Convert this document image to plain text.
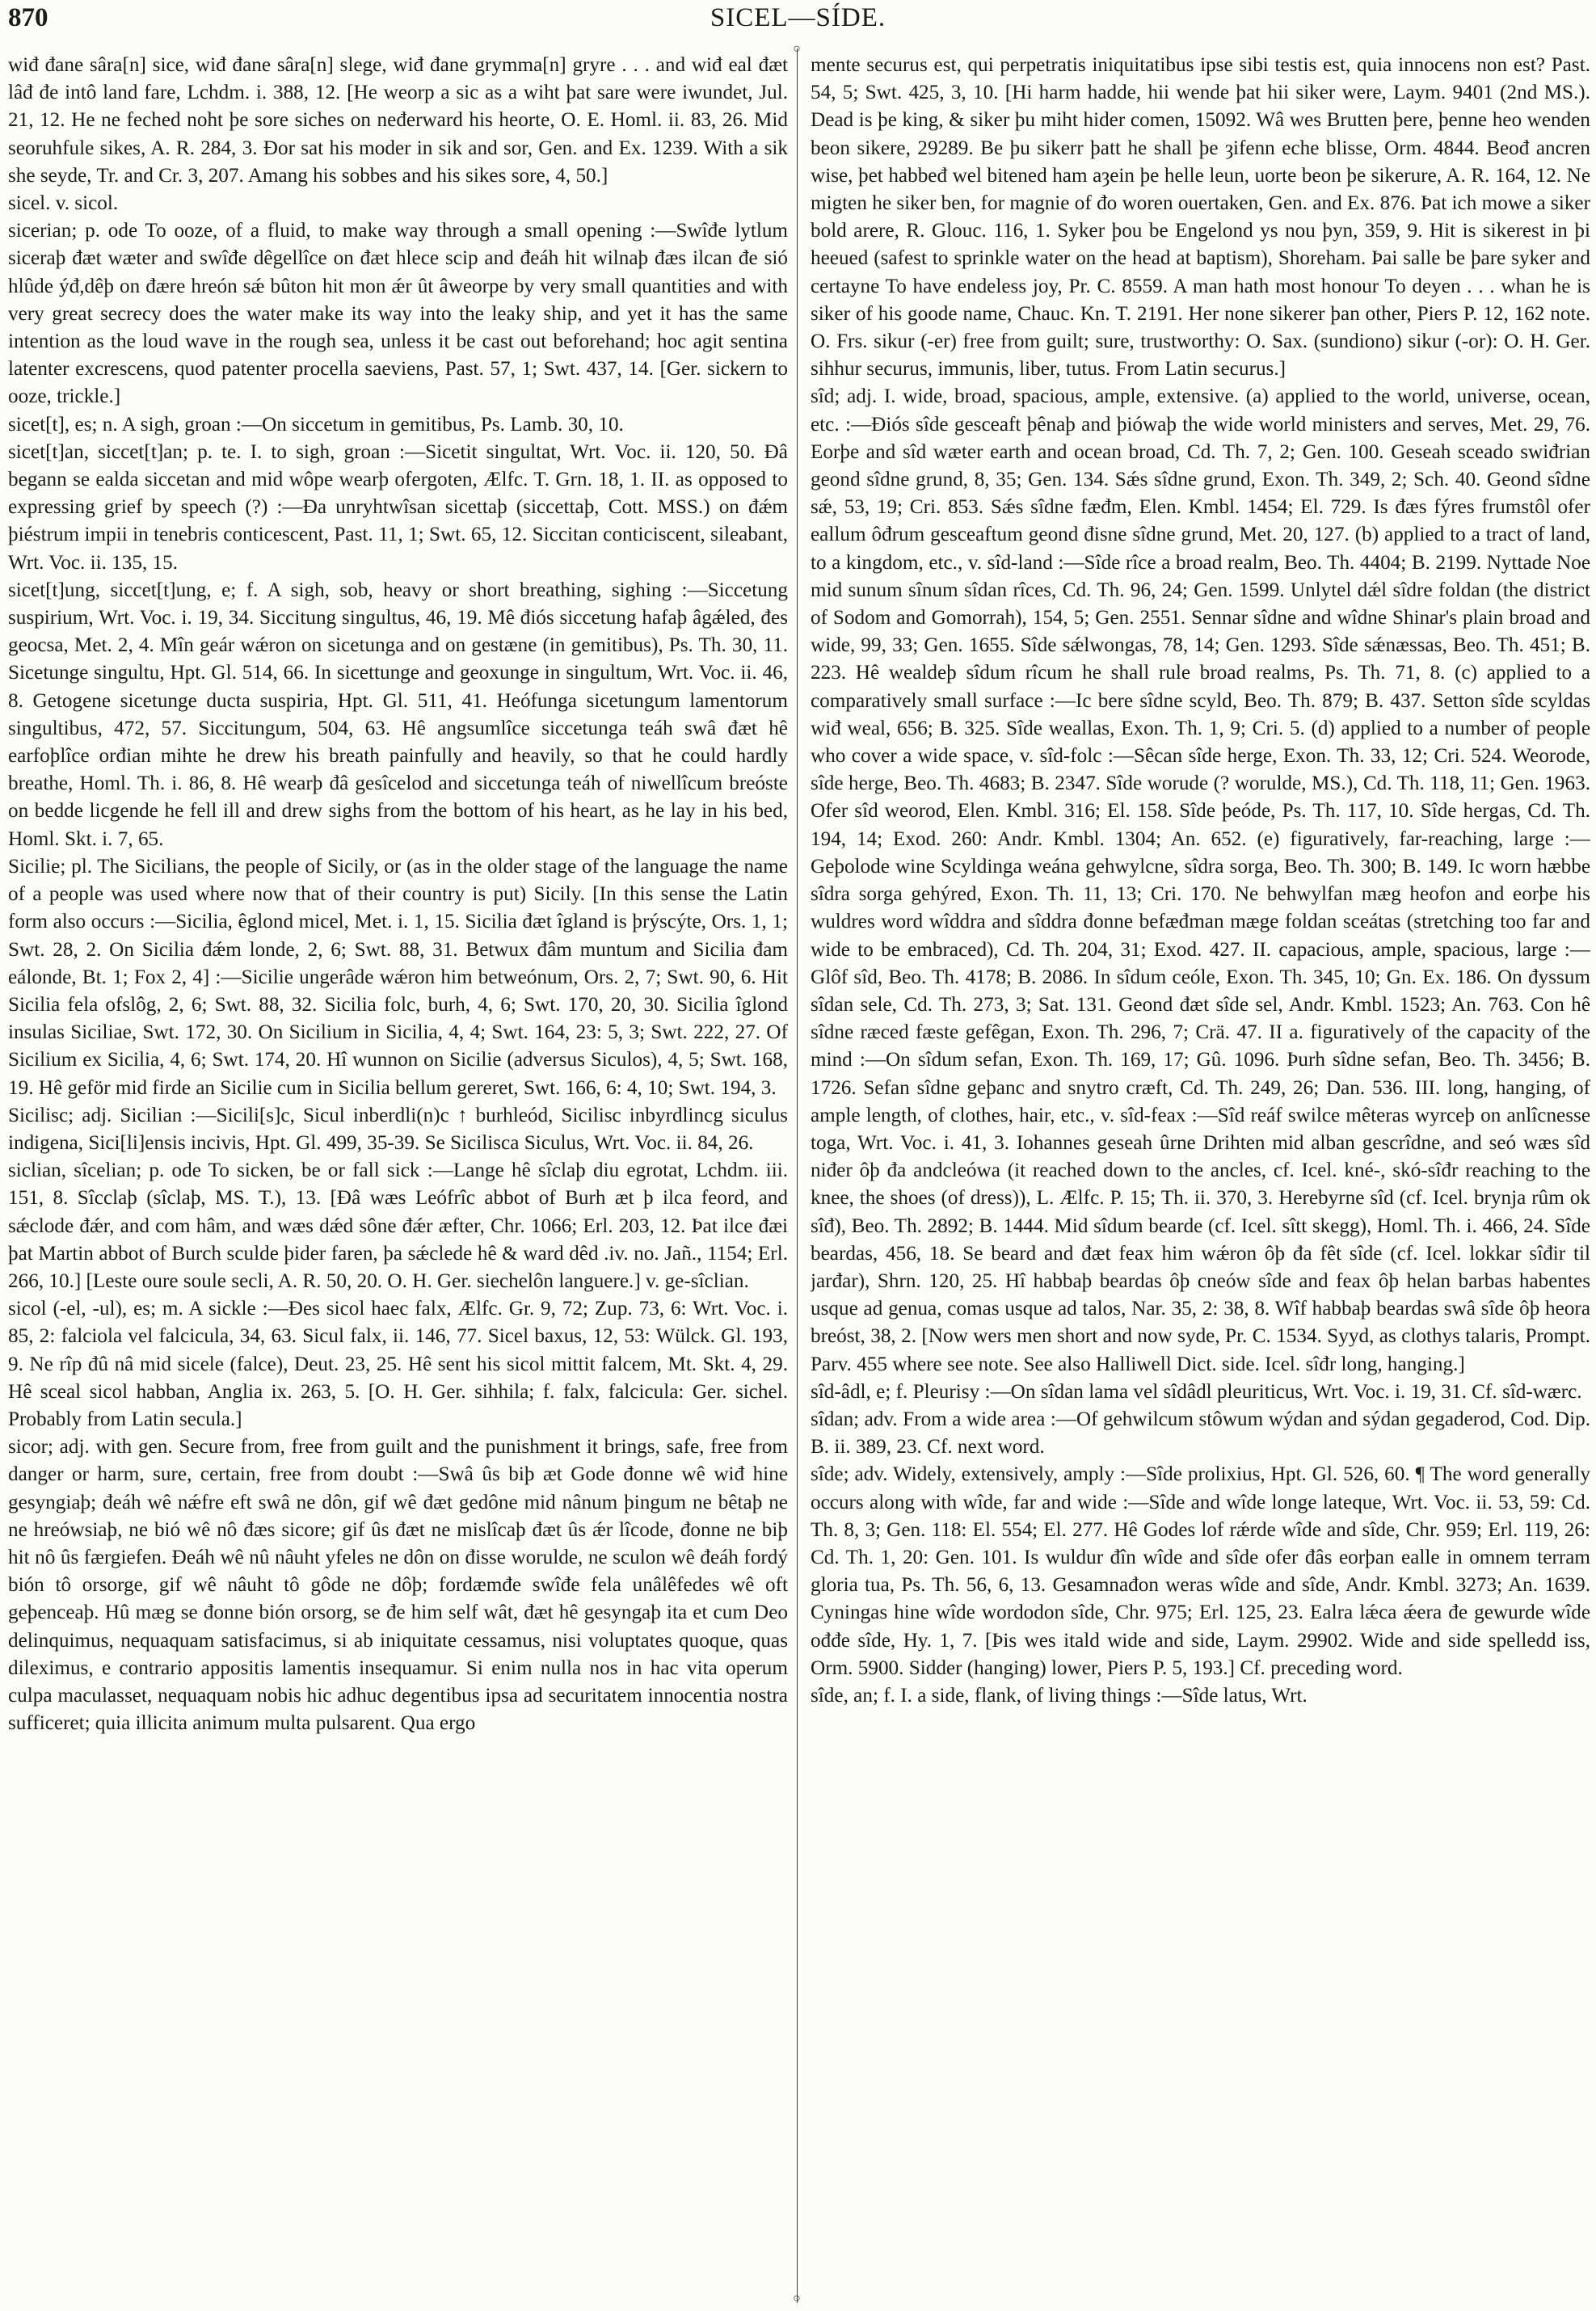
870	SICEL—SÍDE.
○
○

wiđ đane sâra[n] sice, wiđ đane sâra[n] slege, wiđ đane grymma[n] gryre . . . and wiđ eal đæt lâđ đe intô land fare, Lchdm. i. 388, 12. [He weorp a sic as a wiht þat sare were iwundet, Jul. 21, 12. He ne feched noht þe sore siches on neđerward his heorte, O. E. Homl. ii. 83, 26. Mid seoruhfule sikes, A. R. 284, 3. Đor sat his moder in sik and sor, Gen. and Ex. 1239. With a sik she seyde, Tr. and Cr. 3, 207. Amang his sobbes and his sikes sore, 4, 50.]

sicel. v. sicol.

sicerian; p. ode To ooze, of a fluid, to make way through a small opening :—Swîđe lytlum siceraþ đæt wæter and swîđe dêgellîce on đæt hlece scip and đeáh hit wilnaþ đæs ilcan đe sió hlûde ýđ,dêþ on đære hreón sǽ bûton hit mon ǽr ût âweorpe by very small quantities and with very great secrecy does the water make its way into the leaky ship, and yet it has the same intention as the loud wave in the rough sea, unless it be cast out beforehand; hoc agit sentina latenter excrescens, quod patenter procella saeviens, Past. 57, 1; Swt. 437, 14. [Ger. sickern to ooze, trickle.]

sicet[t], es; n. A sigh, groan :—On siccetum in gemitibus, Ps. Lamb. 30, 10.

sicet[t]an, siccet[t]an; p. te. I. to sigh, groan :—Sicetit singultat, Wrt. Voc. ii. 120, 50. Đâ begann se ealda siccetan and mid wôpe wearþ ofergoten, Ælfc. T. Grn. 18, 1. II. as opposed to expressing grief by speech (?) :—Đa unryhtwîsan sicettaþ (siccettaþ, Cott. MSS.) on đǽm þiéstrum impii in tenebris conticescent, Past. 11, 1; Swt. 65, 12. Siccitan conticiscent, sileabant, Wrt. Voc. ii. 135, 15.

sicet[t]ung, siccet[t]ung, e; f. A sigh, sob, heavy or short breathing, sighing :—Siccetung suspirium, Wrt. Voc. i. 19, 34. Siccitung singultus, 46, 19. Mê điós siccetung hafaþ âgǽled, đes geocsa, Met. 2, 4. Mîn geár wǽron on sicetunga and on gestæne (in gemitibus), Ps. Th. 30, 11. Sicetunge singultu, Hpt. Gl. 514, 66. In sicettunge and geoxunge in singultum, Wrt. Voc. ii. 46, 8. Getogene sicetunge ducta suspiria, Hpt. Gl. 511, 41. Heófunga sicetungum lamentorum singultibus, 472, 57. Siccitungum, 504, 63. Hê angsumlîce siccetunga teáh swâ đæt hê earfoþlîce orđian mihte he drew his breath painfully and heavily, so that he could hardly breathe, Homl. Th. i. 86, 8. Hê wearþ đâ gesîcelod and siccetunga teáh of niwellîcum breóste on bedde licgende he fell ill and drew sighs from the bottom of his heart, as he lay in his bed, Homl. Skt. i. 7, 65.

Sicilie; pl. The Sicilians, the people of Sicily, or (as in the older stage of the language the name of a people was used where now that of their country is put) Sicily. [In this sense the Latin form also occurs :—Sicilia, êglond micel, Met. i. 1, 15. Sicilia đæt îgland is þrýscýte, Ors. 1, 1; Swt. 28, 2. On Sicilia đǽm londe, 2, 6; Swt. 88, 31. Betwux đâm muntum and Sicilia đam eálonde, Bt. 1; Fox 2, 4] :—Sicilie ungerâde wǽron him betweónum, Ors. 2, 7; Swt. 90, 6. Hit Sicilia fela ofslôg, 2, 6; Swt. 88, 32. Sicilia folc, burh, 4, 6; Swt. 170, 20, 30. Sicilia îglond insulas Siciliae, Swt. 172, 30. On Sicilium in Sicilia, 4, 4; Swt. 164, 23: 5, 3; Swt. 222, 27. Of Sicilium ex Sicilia, 4, 6; Swt. 174, 20. Hî wunnon on Sicilie (adversus Siculos), 4, 5; Swt. 168, 19. Hê geför mid firde an Sicilie cum in Sicilia bellum gereret, Swt. 166, 6: 4, 10; Swt. 194, 3.

Sicilisc; adj. Sicilian :—Sicili[s]c, Sicul inberdli(n)c ↑ burhleód, Sicilisc inbyrdlincg siculus indigena, Sici[li]ensis incivis, Hpt. Gl. 499, 35-39. Se Siciliscа Siculus, Wrt. Voc. ii. 84, 26.

siclian, sîcelian; p. ode To sicken, be or fall sick :—Lange hê sîclaþ diu egrotat, Lchdm. iii. 151, 8. Sîcclaþ (sîclaþ, MS. T.), 13. [Đâ wæs Leófrîc abbot of Burh æt þ ilca feord, and sǽclode đǽr, and com hâm, and wæs dǽd sône đǽr æfter, Chr. 1066; Erl. 203, 12. Þat ilce đæi þat Martin abbot of Burch sculde þider faren, þa sǽclede hê & ward dêd .iv. no. Jañ., 1154; Erl. 266, 10.] [Leste oure soule secli, A. R. 50, 20. O. H. Ger. siechelôn languere.] v. ge-sîclian.

sicol (-el, -ul), es; m. A sickle :—Đes sicol haec falx, Ælfc. Gr. 9, 72; Zup. 73, 6: Wrt. Voc. i. 85, 2: falciola vel falcicula, 34, 63. Sicul falx, ii. 146, 77. Sicel baxus, 12, 53: Wülck. Gl. 193, 9. Ne rîp đû nâ mid sicele (falce), Deut. 23, 25. Hê sent his sicol mittit falcem, Mt. Skt. 4, 29. Hê sceal sicol habban, Anglia ix. 263, 5. [O. H. Ger. sihhila; f. falx, falcicula: Ger. sichel. Probably from Latin secula.]

sicor; adj. with gen. Secure from, free from guilt and the punishment it brings, safe, free from danger or harm, sure, certain, free from doubt :—Swâ ûs biþ æt Gode đonne wê wiđ hine gesyngiaþ; đeáh wê nǽfre eft swâ ne dôn, gif wê đæt gedône mid nânum þingum ne bêtaþ ne ne hreówsiaþ, ne bió wê nô đæs sicore; gif ûs đæt ne mislîcaþ đæt ûs ǽr lîcode, đonne ne biþ hit nô ûs færgiefen. Đeáh wê nû nâuht yfeles ne dôn on đisse worulde, ne sculon wê đeáh fordý bión tô orsorge, gif wê nâuht tô gôde ne dôþ; fordæmđe swîđe fela unâlêfedes wê oft geþenceaþ. Hû mæg se đonne bión orsorg, se đe him self wât, đæt hê gesyngaþ ita et cum Deo delinquimus, nequaquam satisfacimus, si ab iniquitate cessamus, nisi voluptates quoque, quas dileximus, e contrario appositis lamentis insequamur. Si enim nulla nos in hac vita operum culpa maculasset, nequaquam nobis hic adhuc degentibus ipsa ad securitatem innocentia nostra sufficeret; quia illicita animum multa pulsarent. Qua ergo

mente securus est, qui perpetratis iniquitatibus ipse sibi testis est, quia innocens non est? Past. 54, 5; Swt. 425, 3, 10. [Hi harm hadde, hii wende þat hii siker were, Laym. 9401 (2nd MS.). Dead is þe king, & siker þu miht hider comen, 15092. Wâ wes Brutten þere, þenne heo wenden beon sikere, 29289. Be þu sikerr þatt he shall þe ȝifenn eche blisse, Orm. 4844. Beođ ancren wise, þet habbeđ wel bitened ham aȝein þe helle leun, uorte beon þe sikerure, A. R. 164, 12. Ne migten he siker ben, for magnie of đo woren ouertaken, Gen. and Ex. 876. Þat ich mowe a siker bold arere, R. Glouc. 116, 1. Syker þou be Engelond ys nou þyn, 359, 9. Hit is sikerest in þi heeued (safest to sprinkle water on the head at baptism), Shoreham. Þai salle be þare syker and certayne To have endeless joy, Pr. C. 8559. A man hath most honour To deyen . . . whan he is siker of his goode name, Chauc. Kn. T. 2191. Her none sikerer þan other, Piers P. 12, 162 note. O. Frs. sikur (-er) free from guilt; sure, trustworthy: O. Sax. (sundiono) sikur (-or): O. H. Ger. sihhur securus, immunis, liber, tutus. From Latin securus.]

sîd; adj. I. wide, broad, spacious, ample, extensive. (a) applied to the world, universe, ocean, etc. :—Điós sîde gesceaft þênaþ and þiówaþ the wide world ministers and serves, Met. 29, 76. Eorþe and sîd wæter earth and ocean broad, Cd. Th. 7, 2; Gen. 100. Geseah sceado swiđrian geond sîdne grund, 8, 35; Gen. 134. Sǽs sîdne grund, Exon. Th. 349, 2; Sch. 40. Geond sîdne sǽ, 53, 19; Cri. 853. Sǽs sîdne fæđm, Elen. Kmbl. 1454; El. 729. Is đæs fýres frumstôl ofer eallum ôđrum gesceaftum geond đisne sîdne grund, Met. 20, 127. (b) applied to a tract of land, to a kingdom, etc., v. sîd-land :—Sîde rîce a broad realm, Beo. Th. 4404; B. 2199. Nyttade Noe mid sunum sînum sîdan rîces, Cd. Th. 96, 24; Gen. 1599. Unlytel dǽl sîdre foldan (the district of Sodom and Gomorrah), 154, 5; Gen. 2551. Sennar sîdne and wîdne Shinar's plain broad and wide, 99, 33; Gen. 1655. Sîde sǽlwongas, 78, 14; Gen. 1293. Sîde sǽnæssas, Beo. Th. 451; B. 223. Hê wealdeþ sîdum rîcum he shall rule broad realms, Ps. Th. 71, 8. (c) applied to a comparatively small surface :—Ic bere sîdne scyld, Beo. Th. 879; B. 437. Setton sîde scyldas wiđ weal, 656; B. 325. Sîde weallas, Exon. Th. 1, 9; Cri. 5. (d) applied to a number of people who cover a wide space, v. sîd-folc :—Sêcan sîde herge, Exon. Th. 33, 12; Cri. 524. Weorode, sîde herge, Beo. Th. 4683; B. 2347. Sîde worude (? worulde, MS.), Cd. Th. 118, 11; Gen. 1963. Ofer sîd weorod, Elen. Kmbl. 316; El. 158. Sîde þeóde, Ps. Th. 117, 10. Sîde hergas, Cd. Th. 194, 14; Exod. 260: Andr. Kmbl. 1304; An. 652. (e) figuratively, far-reaching, large :—Geþolode wine Scyldinga weána gehwylcne, sîdra sorga, Beo. Th. 300; B. 149. Ic worn hæbbe sîdra sorga gehýred, Exon. Th. 11, 13; Cri. 170. Ne behwylfan mæg heofon and eorþe his wuldres word wîddra and sîddra đonne befæđman mæge foldan sceátas (stretching too far and wide to be embraced), Cd. Th. 204, 31; Exod. 427. II. capacious, ample, spacious, large :—Glôf sîd, Beo. Th. 4178; B. 2086. In sîdum ceóle, Exon. Th. 345, 10; Gn. Ex. 186. On đyssum sîdan sele, Cd. Th. 273, 3; Sat. 131. Geond đæt sîde sel, Andr. Kmbl. 1523; An. 763. Con hê sîdne ræced fæste gefêgan, Exon. Th. 296, 7; Crä. 47. II a. figuratively of the capacity of the mind :—On sîdum sefan, Exon. Th. 169, 17; Gû. 1096. Þurh sîdne sefan, Beo. Th. 3456; B. 1726. Sefan sîdne geþanc and snytro cræft, Cd. Th. 249, 26; Dan. 536. III. long, hanging, of ample length, of clothes, hair, etc., v. sîd-feax :—Sîd reáf swilce mêteras wyrceþ on anlîcnesse toga, Wrt. Voc. i. 41, 3. Iohannes geseah ûrne Drihten mid alban gescrîdne, and seó wæs sîd niđer ôþ đa andcleówa (it reached down to the ancles, cf. Icel. kné-, skó-sîđr reaching to the knee, the shoes (of dress)), L. Ælfc. P. 15; Th. ii. 370, 3. Herebyrne sîd (cf. Icel. brynja rûm ok sîđ), Beo. Th. 2892; B. 1444. Mid sîdum bearde (cf. Icel. sîtt skegg), Homl. Th. i. 466, 24. Sîde beardas, 456, 18. Se beard and đæt feax him wǽron ôþ đa fêt sîde (cf. Icel. lokkar sîđir til jarđar), Shrn. 120, 25. Hî habbaþ beardas ôþ cneów sîde and feax ôþ helan barbas habentes usque ad genua, comas usque ad talos, Nar. 35, 2: 38, 8. Wîf habbaþ beardas swâ sîde ôþ heora breóst, 38, 2. [Now wers men short and now syde, Pr. C. 1534. Syyd, as clothys talaris, Prompt. Parv. 455 where see note. See also Halliwell Dict. side. Icel. sîđr long, hanging.]

sîd-âdl, e; f. Pleurisy :—On sîdan lama vel sîdâdl pleuriticus, Wrt. Voc. i. 19, 31. Cf. sîd-wærc.

sîdan; adv. From a wide area :—Of gehwilcum stôwum wýdan and sýdan gegaderod, Cod. Dip. B. ii. 389, 23. Cf. next word.

sîde; adv. Widely, extensively, amply :—Sîde prolixius, Hpt. Gl. 526, 60. ¶ The word generally occurs along with wîde, far and wide :—Sîde and wîde longe lateque, Wrt. Voc. ii. 53, 59: Cd. Th. 8, 3; Gen. 118: El. 554; El. 277. Hê Godes lof rǽrde wîde and sîde, Chr. 959; Erl. 119, 26: Cd. Th. 1, 20: Gen. 101. Is wuldur đîn wîde and sîde ofer đâs eorþan ealle in omnem terram gloria tua, Ps. Th. 56, 6, 13. Gesamnađon weras wîde and sîde, Andr. Kmbl. 3273; An. 1639. Cyningas hine wîde wordodon sîde, Chr. 975; Erl. 125, 23. Ealra lǽca ǽera đe gewurde wîde ođđe sîde, Hy. 1, 7. [Þis wes itald wide and side, Laym. 29902. Wide and side spelledd iss, Orm. 5900. Sidder (hanging) lower, Piers P. 5, 193.] Cf. preceding word.

sîde, an; f. I. a side, flank, of living things :—Sîde latus, Wrt.
